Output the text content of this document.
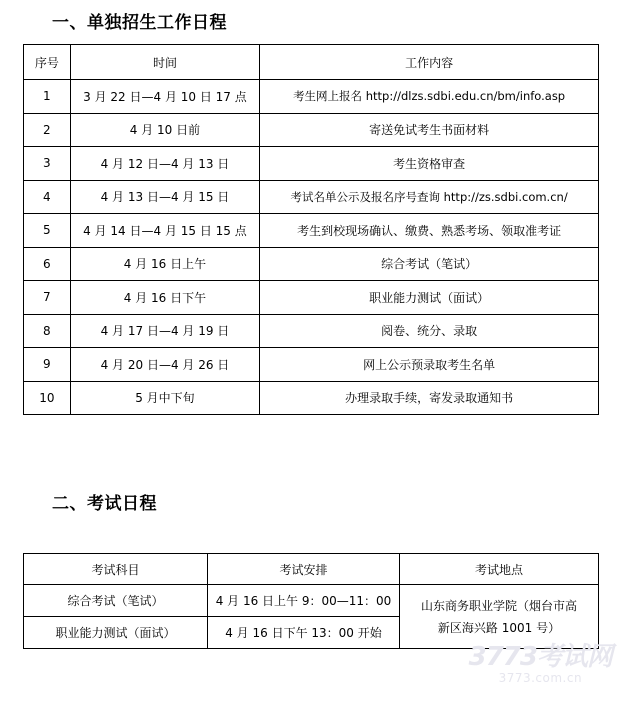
一、单独招生工作日程
序号	时间	工作内容
1	3 月 22 日—4 月 10 日 17 点	考生网上报名 http://dlzs.sdbi.edu.cn/bm/info.asp
2	4 月 10 日前	寄送免试考生书面材料
3	4 月 12 日—4 月 13 日	考生资格审查
4	4 月 13 日—4 月 15 日	考试名单公示及报名序号查询 http://zs.sdbi.com.cn/
5	4 月 14 日—4 月 15 日 15 点	考生到校现场确认、缴费、熟悉考场、领取准考证
6	4 月 16 日上午	综合考试（笔试）
7	4 月 16 日下午	职业能力测试（面试）
8	4 月 17 日—4 月 19 日	阅卷、统分、录取
9	4 月 20 日—4 月 26 日	网上公示预录取考生名单
10	5 月中下旬	办理录取手续，寄发录取通知书
二、考试日程
考试科目	考试安排	考试地点
综合考试（笔试）	4 月 16 日上午 9：00—11：00	山东商务职业学院（烟台市高
新区海兴路 1001 号）

职业能力测试（面试）	4 月 16 日下午 13：00 开始	
3773考试网
3773.com.cn
